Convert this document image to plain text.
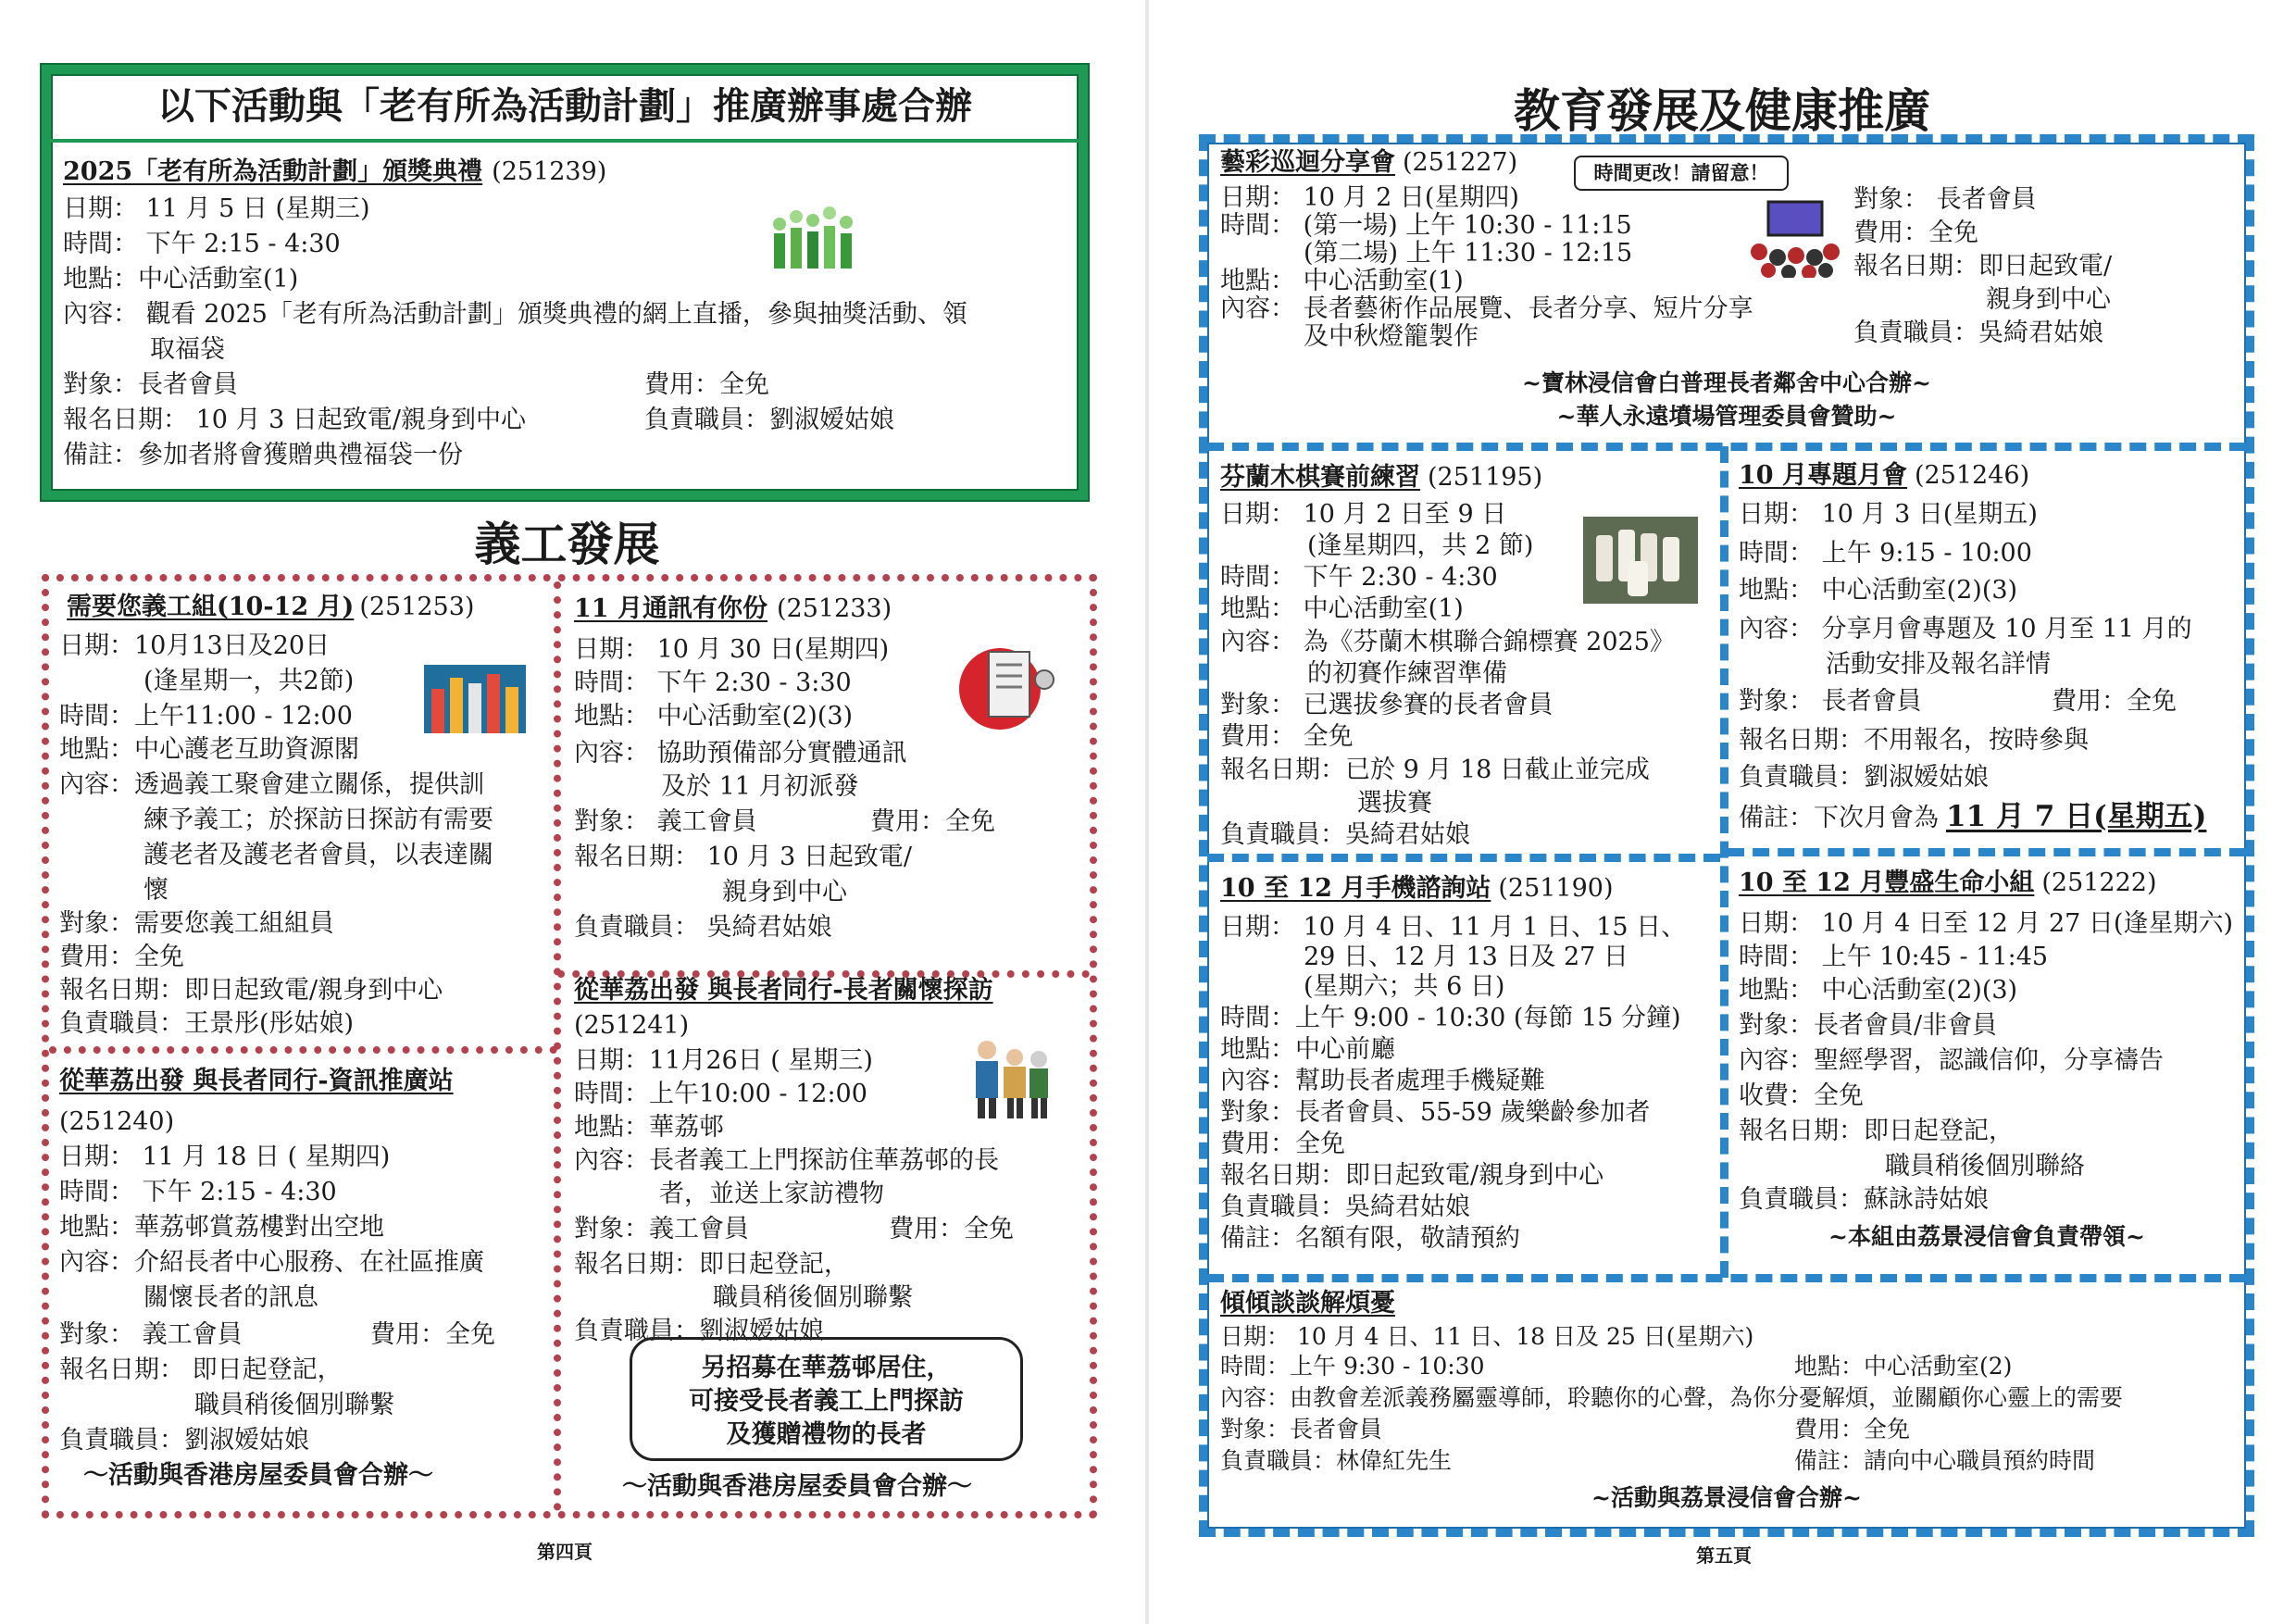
以下活動與「老有所為活動計劃」推廣辦事處合辦
2025「老有所為活動計劃」頒獎典禮 (251239)
日期： 11 月 5 日 (星期三)
時間： 下午 2:15 - 4:30
地點：中心活動室(1)
內容： 觀看 2025「老有所為活動計劃」頒獎典禮的網上直播，參與抽獎活動、領
取福袋
對象：長者會員	費用：全免
報名日期： 10 月 3 日起致電/親身到中心	負責職員：劉淑嫒姑娘
備註：參加者將會獲贈典禮福袋一份
義工發展
需要您義工組(10-12 月) (251253)
日期：10月13日及20日
(逢星期一，共2節)
時間：上午11:00 - 12:00
地點：中心護老互助資源閣
內容：透過義工聚會建立關係，提供訓
練予義工；於探訪日探訪有需要
護老者及護老者會員，以表達關
懷
對象：需要您義工組組員
費用：全免
報名日期：即日起致電/親身到中心
負責職員：王景彤(彤姑娘)
11 月通訊有你份 (251233)
日期： 10 月 30 日(星期四)
時間： 下午 2:30 - 3:30
地點： 中心活動室(2)(3)
內容： 協助預備部分實體通訊
及於 11 月初派發
對象： 義工會員	費用：全免
報名日期： 10 月 3 日起致電/
親身到中心
負責職員： 吳綺君姑娘
從華荔出發 與長者同行-資訊推廣站
(251240)
日期： 11 月 18 日 ( 星期四)
時間： 下午 2:15 - 4:30
地點：華荔邨賞荔樓對出空地
內容：介紹長者中心服務、在社區推廣
關懷長者的訊息
對象： 義工會員	費用：全免
報名日期： 即日起登記，
職員稍後個別聯繫
負責職員：劉淑嫒姑娘
～活動與香港房屋委員會合辦～
從華荔出發 與長者同行-長者關懷探訪
(251241)
日期：11月26日 ( 星期三)
時間：上午10:00 - 12:00
地點：華荔邨
內容：長者義工上門探訪住華荔邨的長
者，並送上家訪禮物
對象：義工會員	費用：全免
報名日期：即日起登記，
職員稍後個別聯繫
負責職員：劉淑嫒姑娘
另招募在華荔邨居住，
可接受長者義工上門探訪
及獲贈禮物的長者
～活動與香港房屋委員會合辦～
第四頁
教育發展及健康推廣
藝彩巡迴分享會 (251227)	時間更改！請留意！
日期： 10 月 2 日(星期四)
時間： (第一場) 上午 10:30 - 11:15
(第二場) 上午 11:30 - 12:15
地點： 中心活動室(1)
內容： 長者藝術作品展覽、長者分享、短片分享
及中秋燈籠製作
對象： 長者會員
費用：全免
報名日期：即日起致電/
親身到中心
負責職員：吳綺君姑娘
~寶林浸信會白普理長者鄰舍中心合辦~
~華人永遠墳場管理委員會贊助~
芬蘭木棋賽前練習 (251195)
日期： 10 月 2 日至 9 日
(逢星期四，共 2 節)
時間： 下午 2:30 - 4:30
地點： 中心活動室(1)
內容： 為《芬蘭木棋聯合錦標賽 2025》
的初賽作練習準備
對象： 已選拔參賽的長者會員
費用： 全免
報名日期：已於 9 月 18 日截止並完成
選拔賽
負責職員：吳綺君姑娘
10 月專題月會 (251246)
日期： 10 月 3 日(星期五)
時間： 上午 9:15 - 10:00
地點： 中心活動室(2)(3)
內容： 分享月會專題及 10 月至 11 月的
活動安排及報名詳情
對象： 長者會員	費用：全免
報名日期：不用報名，按時參與
負責職員：劉淑嫒姑娘
備註：下次月會為 11 月 7 日(星期五)
10 至 12 月手機諮詢站 (251190)
日期： 10 月 4 日、11 月 1 日、15 日、
29 日、12 月 13 日及 27 日
(星期六；共 6 日)
時間：上午 9:00 - 10:30 (每節 15 分鐘)
地點：中心前廳
內容：幫助長者處理手機疑難
對象：長者會員、55-59 歲樂齡參加者
費用：全免
報名日期：即日起致電/親身到中心
負責職員：吳綺君姑娘
備註：名額有限，敬請預約
10 至 12 月豐盛生命小組 (251222)
日期： 10 月 4 日至 12 月 27 日(逢星期六)
時間： 上午 10:45 - 11:45
地點： 中心活動室(2)(3)
對象：長者會員/非會員
內容：聖經學習，認識信仰，分享禱告
收費：全免
報名日期：即日起登記，
職員稍後個別聯絡
負責職員：蘇詠詩姑娘
~本組由荔景浸信會負責帶領~
傾傾談談解煩憂
日期： 10 月 4 日、11 日、18 日及 25 日(星期六)
地點：中心活動室(2)
時間：上午 9:30 - 10:30
內容：由教會差派義務屬靈導師，聆聽你的心聲，為你分憂解煩，並關顧你心靈上的需要
對象：長者會員	費用：全免
負責職員：林偉紅先生	備註：請向中心職員預約時間
~活動與荔景浸信會合辦~
第五頁
